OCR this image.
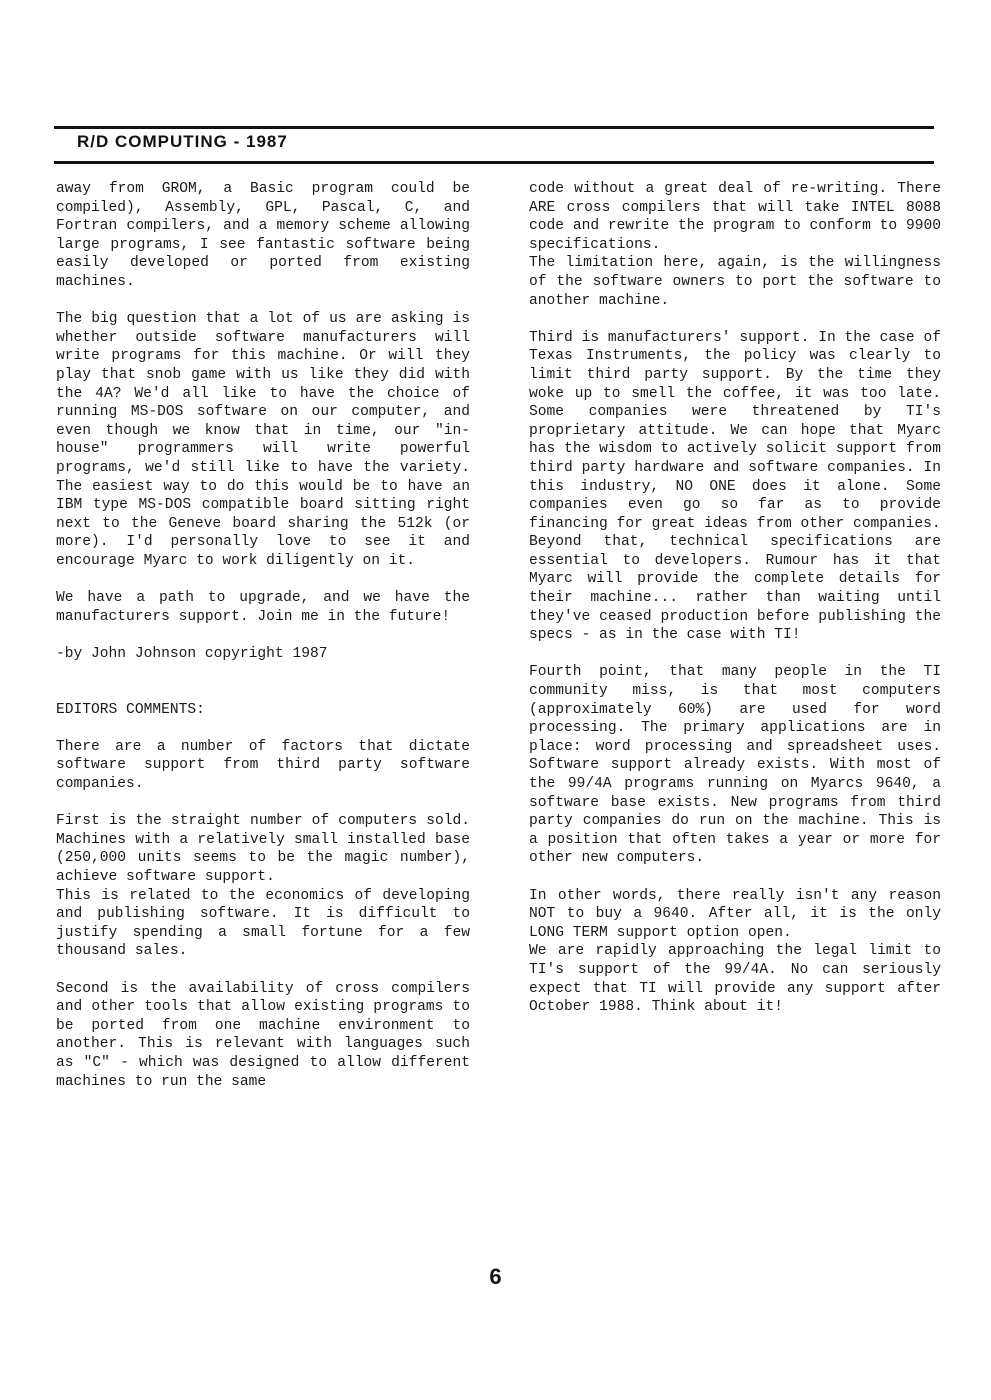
R/D COMPUTING - 1987

away from GROM, a Basic program could be compiled), Assembly, GPL, Pascal, C, and Fortran compilers, and a memory scheme allowing large programs, I see fantastic software being easily developed or ported from existing machines.

The big question that a lot of us are asking is whether outside software manufacturers will write programs for this machine. Or will they play that snob game with us like they did with the 4A? We'd all like to have the choice of running MS-DOS software on our computer, and even though we know that in time, our "in-house" programmers will write powerful programs, we'd still like to have the variety. The easiest way to do this would be to have an IBM type MS-DOS compatible board sitting right next to the Geneve board sharing the 512k (or more). I'd personally love to see it and encourage Myarc to work diligently on it.

We have a path to upgrade, and we have the manufacturers support. Join me in the future!

-by John Johnson copyright 1987

EDITORS COMMENTS:

There are a number of factors that dictate software support from third party software companies.

First is the straight number of computers sold. Machines with a relatively small installed base (250,000 units seems to be the magic number), achieve software support.

This is related to the economics of developing and publishing software. It is difficult to justify spending a small fortune for a few thousand sales.

Second is the availability of cross compilers and other tools that allow existing programs to be ported from one machine environment to another. This is relevant with languages such as "C" - which was designed to allow different machines to run the same

code without a great deal of re-writing. There ARE cross compilers that will take INTEL 8088 code and rewrite the program to conform to 9900 specifications.

The limitation here, again, is the willingness of the software owners to port the software to another machine.

Third is manufacturers' support. In the case of Texas Instruments, the policy was clearly to limit third party support. By the time they woke up to smell the coffee, it was too late. Some companies were threatened by TI's proprietary attitude. We can hope that Myarc has the wisdom to actively solicit support from third party hardware and software companies. In this industry, NO ONE does it alone. Some companies even go so far as to provide financing for great ideas from other companies.

Beyond that, technical specifications are essential to developers. Rumour has it that Myarc will provide the complete details for their machine... rather than waiting until they've ceased production before publishing the specs - as in the case with TI!

Fourth point, that many people in the TI community miss, is that most computers (approximately 60%) are used for word processing. The primary applications are in place: word processing and spreadsheet uses. Software support already exists. With most of the 99/4A programs running on Myarcs 9640, a software base exists. New programs from third party companies do run on the machine. This is a position that often takes a year or more for other new computers.

In other words, there really isn't any reason NOT to buy a 9640. After all, it is the only LONG TERM support option open.

We are rapidly approaching the legal limit to TI's support of the 99/4A. No can seriously expect that TI will provide any support after October 1988. Think about it!

6
